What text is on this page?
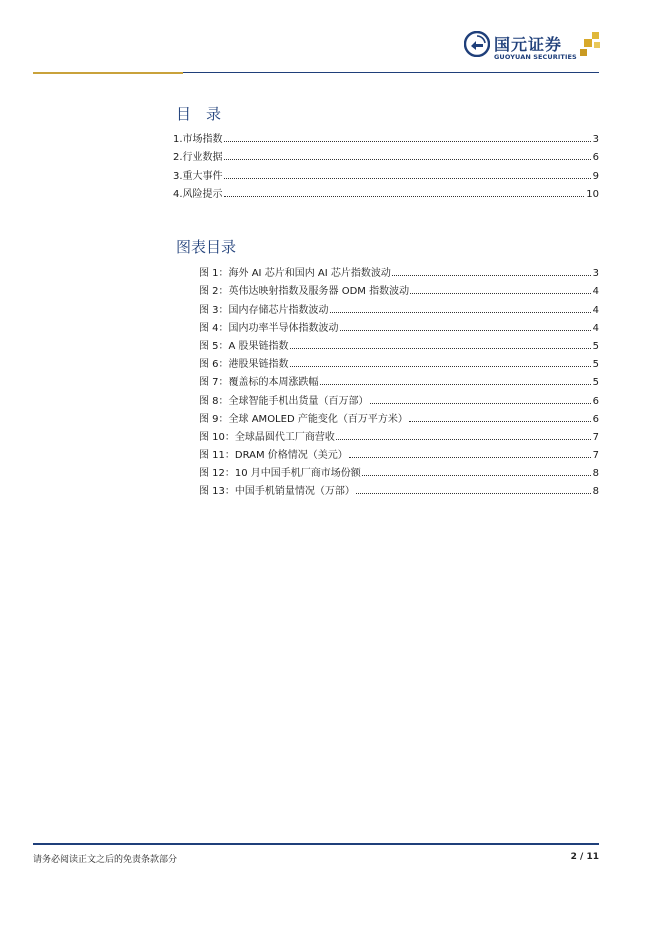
国元证券
GUOYUAN SECURITIES
目　录
1.市场指数	3
2.行业数据	6
3.重大事件	9
4.风险提示	10
图表目录
图 1：海外 AI 芯片和国内 AI 芯片指数波动	3
图 2：英伟达映射指数及服务器 ODM 指数波动	4
图 3：国内存储芯片指数波动	4
图 4：国内功率半导体指数波动	4
图 5：A 股果链指数	5
图 6：港股果链指数	5
图 7：覆盖标的本周涨跌幅	5
图 8：全球智能手机出货量（百万部）	6
图 9：全球 AMOLED 产能变化（百万平方米）	6
图 10：全球晶圆代工厂商营收	7
图 11：DRAM 价格情况（美元）	7
图 12：10 月中国手机厂商市场份额	8
图 13：中国手机销量情况（万部）	8
请务必阅读正文之后的免责条款部分	2 / 11
